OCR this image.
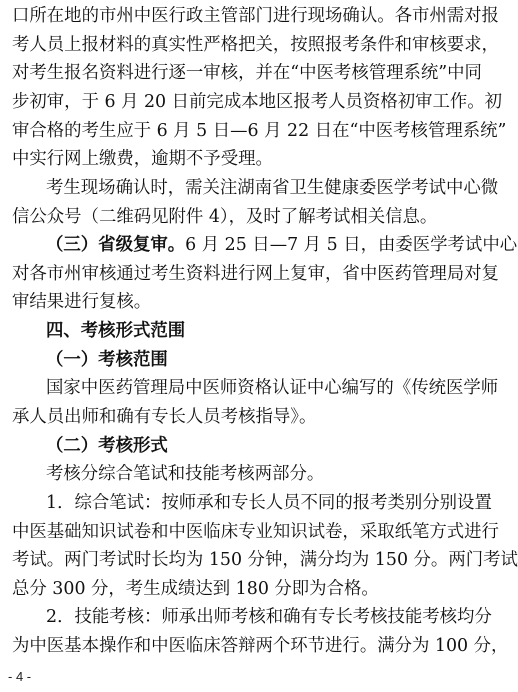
口所在地的市州中医行政主管部门进行现场确认。各市州需对报
考人员上报材料的真实性严格把关，按照报考条件和审核要求，
对考生报名资料进行逐一审核，并在“中医考核管理系统”中同
步初审，于 6 月 20 日前完成本地区报考人员资格初审工作。初
审合格的考生应于 6 月 5 日—6 月 22 日在“中医考核管理系统”
中实行网上缴费，逾期不予受理。
考生现场确认时，需关注湖南省卫生健康委医学考试中心微
信公众号（二维码见附件 4），及时了解考试相关信息。
（三）省级复审。6 月 25 日—7 月 5 日，由委医学考试中心
对各市州审核通过考生资料进行网上复审，省中医药管理局对复
审结果进行复核。
四、考核形式范围
（一）考核范围
国家中医药管理局中医师资格认证中心编写的《传统医学师
承人员出师和确有专长人员考核指导》。
（二）考核形式
考核分综合笔试和技能考核两部分。
1．综合笔试：按师承和专长人员不同的报考类别分别设置
中医基础知识试卷和中医临床专业知识试卷，采取纸笔方式进行
考试。两门考试时长均为 150 分钟，满分均为 150 分。两门考试
总分 300 分，考生成绩达到 180 分即为合格。
2．技能考核：师承出师考核和确有专长考核技能考核均分
为中医基本操作和中医临床答辩两个环节进行。满分为 100 分，
- 4 -
